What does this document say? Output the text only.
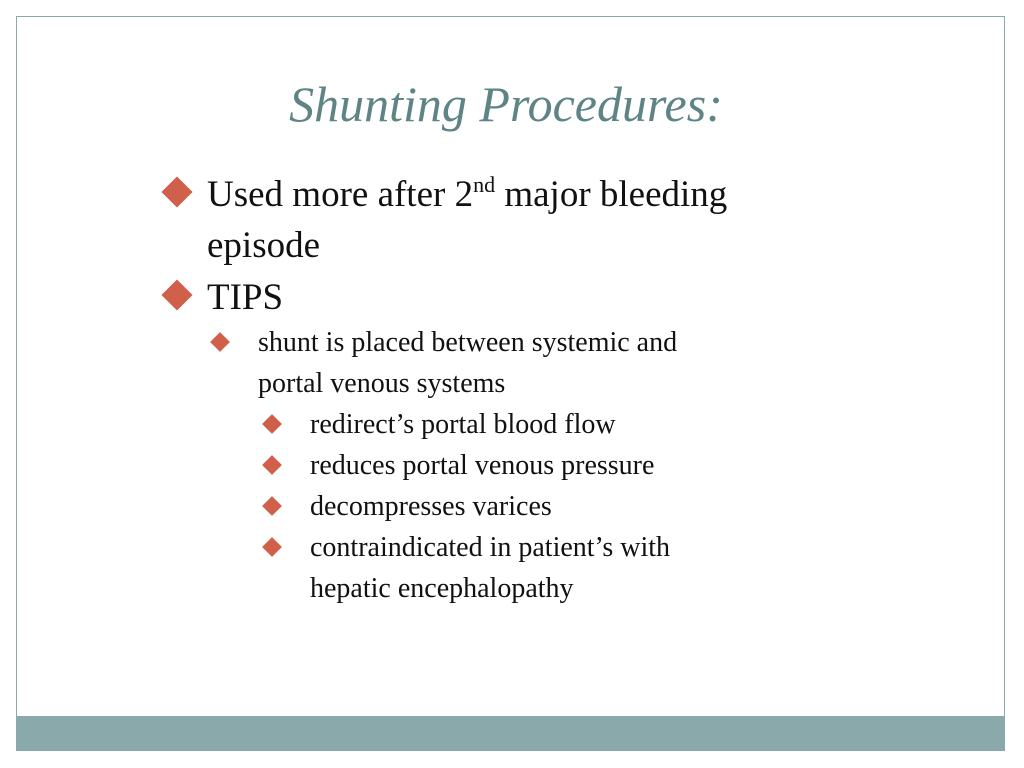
Shunting Procedures:
Used more after 2nd major bleeding
episode
TIPS
shunt is placed between systemic and
portal venous systems
redirect’s portal blood flow
reduces portal venous pressure
decompresses varices
contraindicated in patient’s with
hepatic encephalopathy
